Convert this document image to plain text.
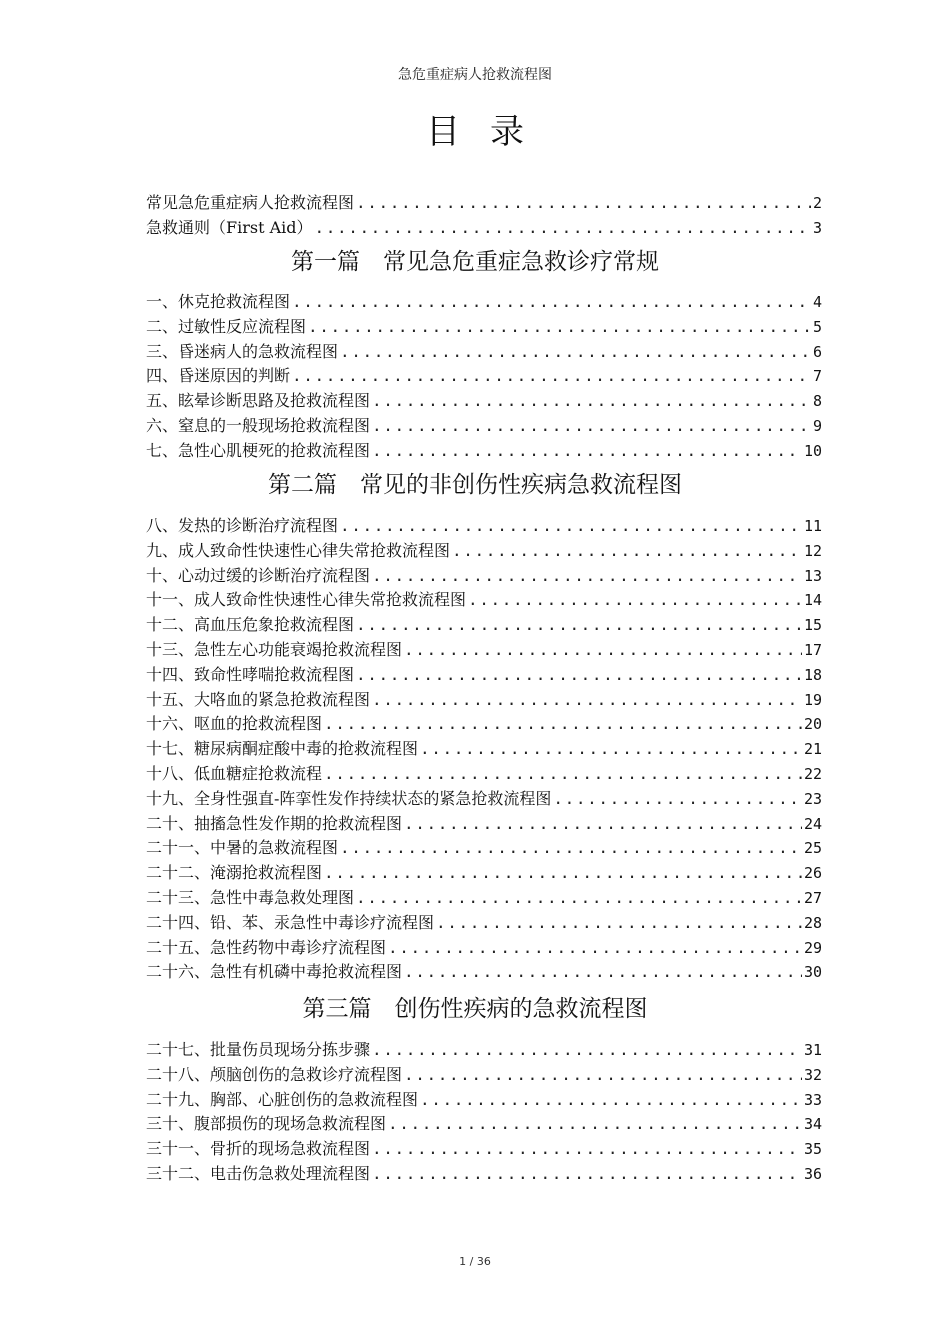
急危重症病人抢救流程图
目录
常见急危重症病人抢救流程图 .....	2
急救通则（First Aid） .....	3
第一篇　常见急危重症急救诊疗常规
一、休克抢救流程图 .....	4
二、过敏性反应流程图 .....	5
三、昏迷病人的急救流程图 .....	6
四、昏迷原因的判断 .....	7
五、眩晕诊断思路及抢救流程图 .....	8
六、窒息的一般现场抢救流程图 .....	9
七、急性心肌梗死的抢救流程图 .....	10
第二篇　常见的非创伤性疾病急救流程图
八、发热的诊断治疗流程图 .....	11
九、成人致命性快速性心律失常抢救流程图 .....	12
十、心动过缓的诊断治疗流程图 .....	13
十一、成人致命性快速性心律失常抢救流程图 .....	14
十二、高血压危象抢救流程图 .....	15
十三、急性左心功能衰竭抢救流程图 .....	17
十四、致命性哮喘抢救流程图 .....	18
十五、大咯血的紧急抢救流程图 .....	19
十六、呕血的抢救流程图 .....	20
十七、糖尿病酮症酸中毒的抢救流程图 .....	21
十八、低血糖症抢救流程 .....	22
十九、全身性强直-阵挛性发作持续状态的紧急抢救流程图 .....	23
二十、抽搐急性发作期的抢救流程图 .....	24
二十一、中暑的急救流程图 .....	25
二十二、淹溺抢救流程图 .....	26
二十三、急性中毒急救处理图 .....	27
二十四、铅、苯、汞急性中毒诊疗流程图 .....	28
二十五、急性药物中毒诊疗流程图 .....	29
二十六、急性有机磷中毒抢救流程图 .....	30
第三篇　创伤性疾病的急救流程图
二十七、批量伤员现场分拣步骤 .....	31
二十八、颅脑创伤的急救诊疗流程图 .....	32
二十九、胸部、心脏创伤的急救流程图 .....	33
三十、腹部损伤的现场急救流程图 .....	34
三十一、骨折的现场急救流程图 .....	35
三十二、电击伤急救处理流程图 .....	36
1 / 36
